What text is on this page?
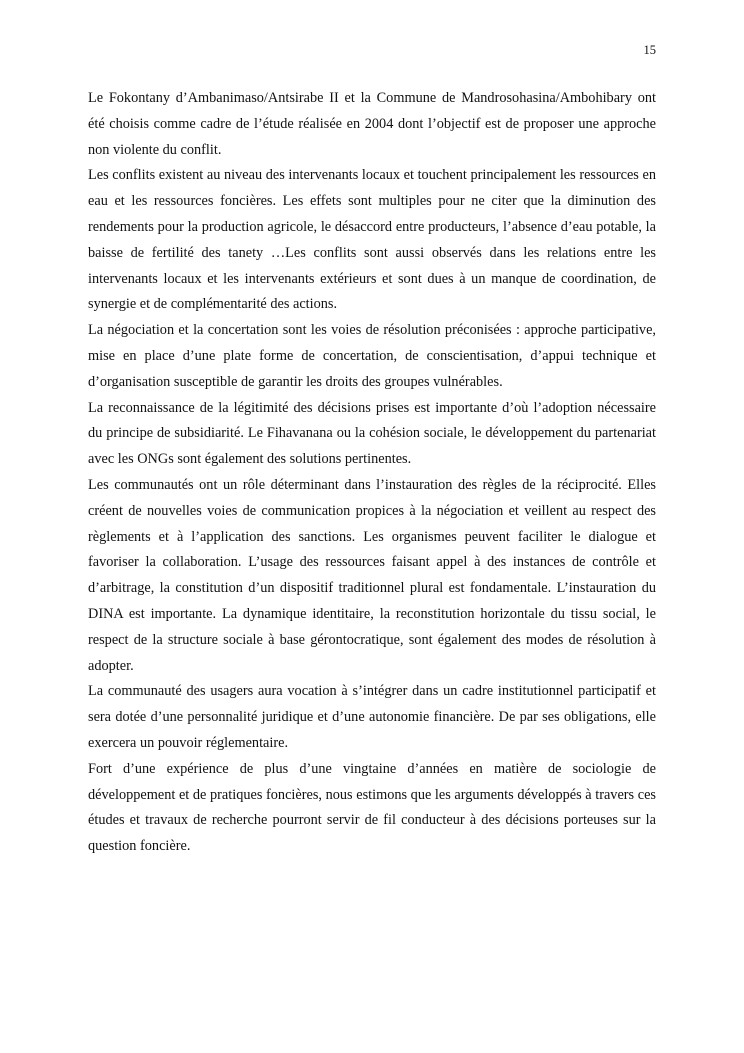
15

Le Fokontany d’Ambanimaso/Antsirabe II et la Commune de Mandrosohasina/Ambohibary ont été choisis comme cadre de l’étude réalisée en 2004 dont l’objectif est de proposer une approche non violente du conflit.

Les conflits existent au niveau des intervenants locaux et touchent principalement les ressources en eau et les ressources foncières. Les effets sont multiples pour ne citer que la diminution des rendements pour la production agricole, le désaccord entre producteurs, l’absence d’eau potable, la baisse de fertilité des tanety …Les conflits sont aussi observés dans les relations entre les intervenants locaux et les intervenants extérieurs et sont dues à un manque de coordination, de synergie et de complémentarité des actions.

La négociation et la concertation sont les voies de résolution préconisées : approche participative, mise en place d’une plate forme de concertation, de conscientisation, d’appui technique et d’organisation susceptible de garantir les droits des groupes vulnérables.

La reconnaissance de la légitimité des décisions prises est importante d’où l’adoption nécessaire du principe de subsidiarité. Le Fihavanana ou la cohésion sociale, le développement du partenariat avec les ONGs sont également des solutions pertinentes.

Les communautés ont un rôle déterminant dans l’instauration des règles de la réciprocité. Elles créent de nouvelles voies de communication propices à la négociation et veillent au respect des règlements et à l’application des sanctions. Les organismes peuvent faciliter le dialogue et favoriser la collaboration. L’usage des ressources faisant appel à des instances de contrôle et d’arbitrage, la constitution d’un dispositif traditionnel plural est fondamentale. L’instauration du DINA est importante. La dynamique identitaire, la reconstitution horizontale du tissu social, le respect de la structure sociale à base gérontocratique, sont également des modes de résolution à adopter.

La communauté des usagers aura vocation à s’intégrer dans un cadre institutionnel participatif et sera dotée d’une personnalité juridique et d’une autonomie financière. De par ses obligations, elle exercera un pouvoir réglementaire.

Fort d’une expérience de plus d’une vingtaine d’années en matière de sociologie de développement et de pratiques foncières, nous estimons que les arguments développés à travers ces études et travaux de recherche pourront servir de fil conducteur à des décisions porteuses sur la question foncière.
